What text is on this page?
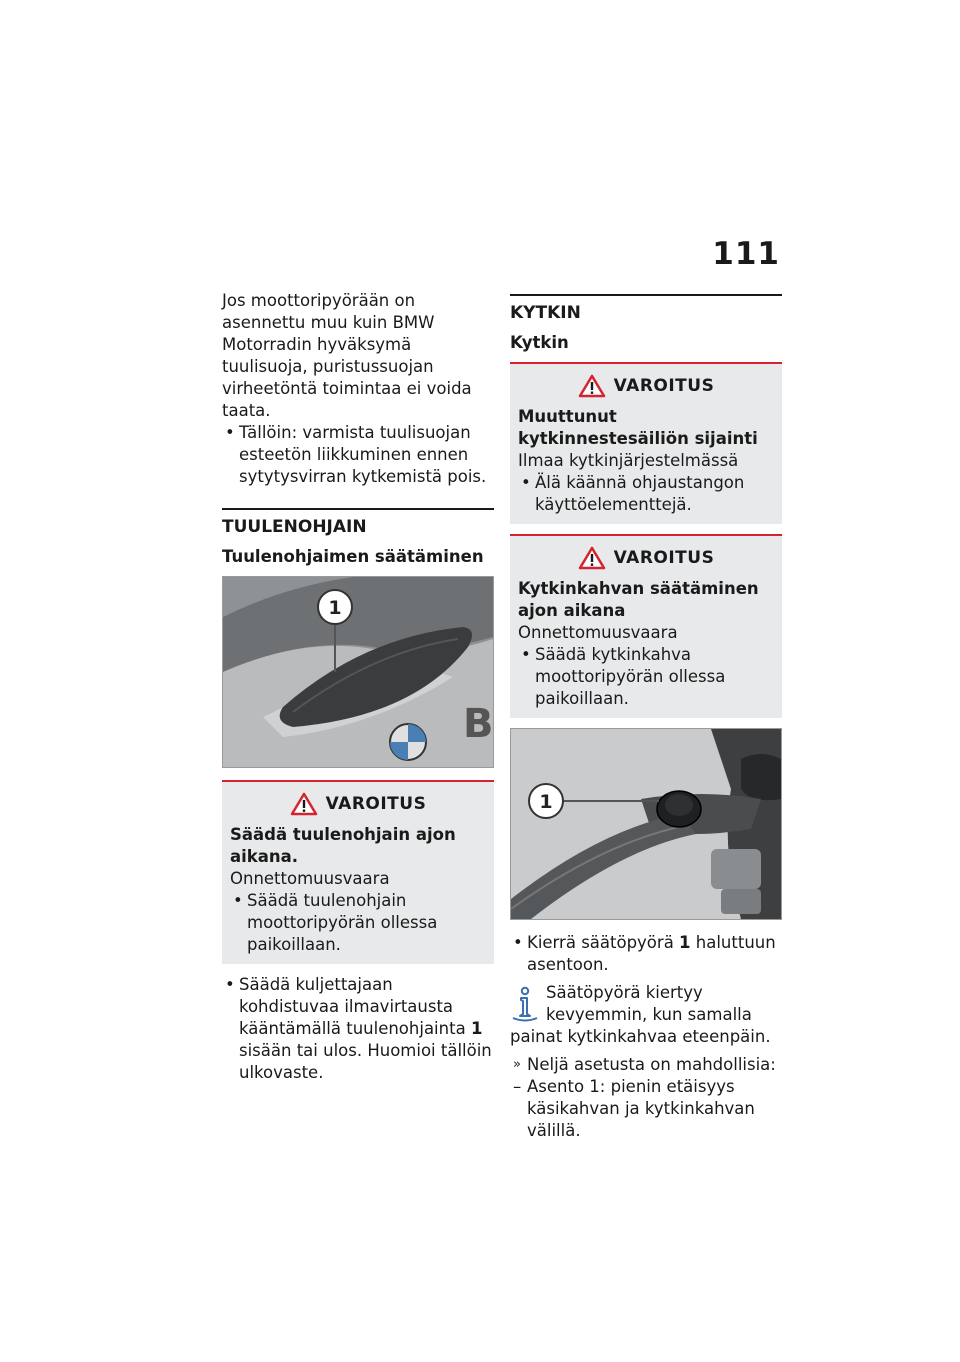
111

Jos moottoripyörään on asennettu muu kuin BMW Motorradin hyväksymä tuulisuoja, puristussuojan virheetöntä toimintaa ei voida taata.

• Tällöin: varmista tuulisuojan esteetön liikkuminen ennen sytytysvirran kytkemistä pois.
TUULENOHJAIN
Tuulenohjaimen säätäminen
B
1
VAROITUS
Säädä tuulenohjain ajon aikana.

Onnettomuusvaara

• Säädä tuulenohjain moottoripyörän ollessa paikoillaan.
• Säädä kuljettajaan kohdistuvaa ilmavirtausta kääntämällä tuulenohjainta 1 sisään tai ulos. Huomioi tällöin ulkovaste.
KYTKIN
Kytkin
VAROITUS
Muuttunut kytkinnestesäiliön sijainti

Ilmaa kytkinjärjestelmässä

• Älä käännä ohjaustangon käyttöelementtejä.
VAROITUS
Kytkinkahvan säätäminen ajon aikana

Onnettomuusvaara

• Säädä kytkinkahva moottoripyörän ollessa paikoillaan.
1
• Kierrä säätöpyörä 1 haluttuun asentoon.
Säätöpyörä kiertyy kevyemmin, kun samalla painat kytkinkahvaa eteenpäin.
» Neljä asetusta on mahdollisia:
– Asento 1: pienin etäisyys käsikahvan ja kytkinkahvan välillä.
